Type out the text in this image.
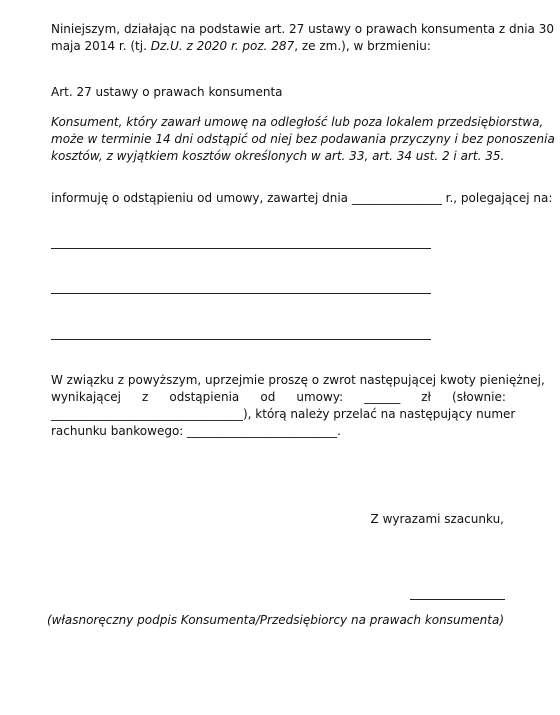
Niniejszym, działając na podstawie art. 27 ustawy o prawach konsumenta z dnia 30
maja 2014 r. (tj. Dz.U. z 2020 r. poz. 287, ze zm.), w brzmieniu:
Art. 27 ustawy o prawach konsumenta
Konsument, który zawarł umowę na odległość lub poza lokalem przedsiębiorstwa,
może w terminie 14 dni odstąpić od niej bez podawania przyczyny i bez ponoszenia
kosztów, z wyjątkiem kosztów określonych w art. 33, art. 34 ust. 2 i art. 35.
informuję o odstąpieniu od umowy, zawartej dnia _______________ r., polegającej na:
W związku z powyższym, uprzejmie proszę o zwrot następującej kwoty pieniężnej,
wynikającej z odstąpienia od umowy: ______ zł (słownie:
________________________________), którą należy przelać na następujący numer
rachunku bankowego: _________________________.
Z wyrazami szacunku,
(własnoręczny podpis Konsumenta/Przedsiębiorcy na prawach konsumenta)
